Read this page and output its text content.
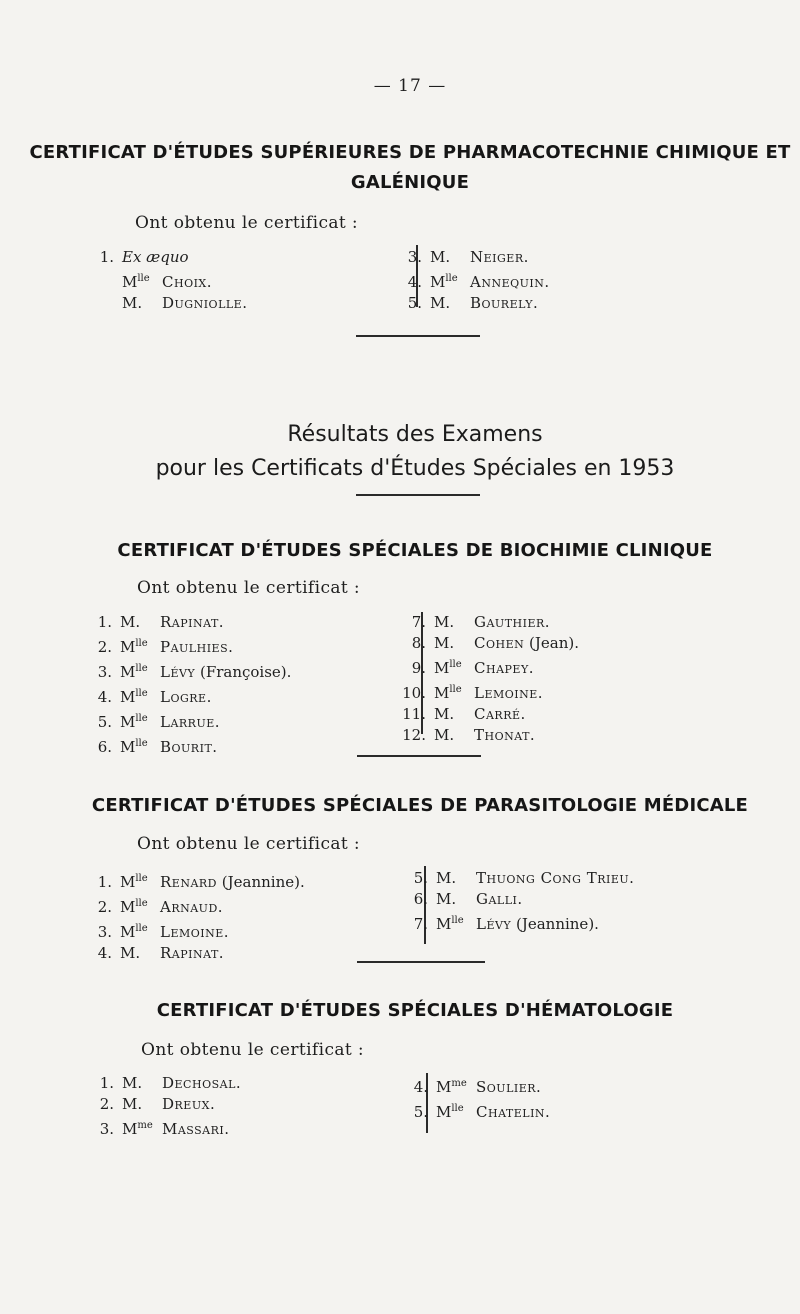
— 17 —
CERTIFICAT D'ÉTUDES SUPÉRIEURES DE PHARMACOTECHNIE CHIMIQUE ET GALÉNIQUE
Ont obtenu le certificat :
1. Ex æquo
$M^{lle}$ Choix.
M. Dugniolle.
3. M. Neiger.
4. $M^{lle}$ Annequin.
5. M. Bourely.
Résultats des Examens
pour les Certificats d'Études Spéciales en 1953
CERTIFICAT D'ÉTUDES SPÉCIALES DE BIOCHIMIE CLINIQUE
Ont obtenu le certificat :
1. M. Rapinat.
2. $M^{lle}$ Paulhies.
3. $M^{lle}$ Lévy (Françoise).
4. $M^{lle}$ Logre.
5. $M^{lle}$ Larrue.
6. $M^{lle}$ Bourit.
7. M. Gauthier.
8. M. Cohen (Jean).
9. $M^{lle}$ Chapey.
10. $M^{lle}$ Lemoine.
11. M. Carré.
12. M. Thonat.
CERTIFICAT D'ÉTUDES SPÉCIALES DE PARASITOLOGIE MÉDICALE
Ont obtenu le certificat :
1. $M^{lle}$ Renard (Jeannine).
2. $M^{lle}$ Arnaud.
3. $M^{lle}$ Lemoine.
4. M. Rapinat.
5. M. Thuong Cong Trieu.
6. M. Galli.
7. $M^{lle}$ Lévy (Jeannine).
CERTIFICAT D'ÉTUDES SPÉCIALES D'HÉMATOLOGIE
Ont obtenu le certificat :
1. M. Dechosal.
2. M. Dreux.
3. $M^{me}$ Massari.
4. $M^{me}$ Soulier.
5. $M^{lle}$ Chatelin.
